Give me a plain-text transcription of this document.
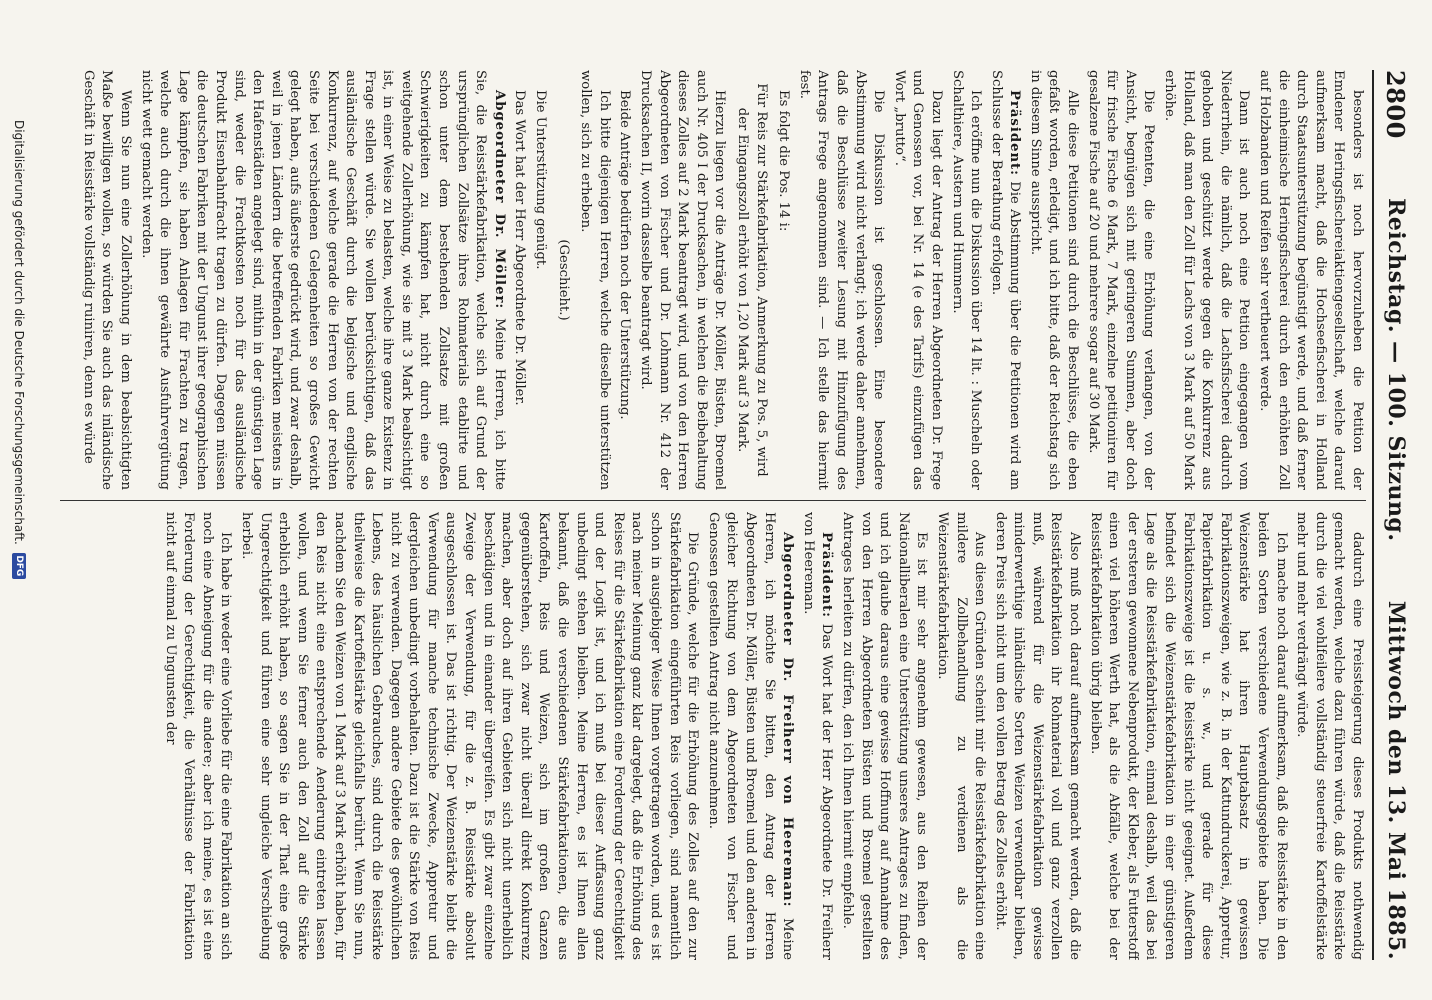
2800
Reichstag. — 100. Sitzung.
Mittwoch den 13. Mai 1885.

besonders ist noch hervorzuheben die Petition der Emdener Heringsfischereiaktiengesellschaft, welche darauf aufmerksam macht, daß die Hochseefischerei in Holland durch Staatsunterstützung begünstigt werde, und daß ferner die einheimische Heringsfischerei durch den erhöhten Zoll auf Holzbanden und Reifen sehr vertheuert werde.

Dann ist auch noch eine Petition eingegangen vom Niederrhein, die nämlich, daß die Lachsfischerei dadurch gehoben und geschützt werde gegen die Konkurrenz aus Holland, daß man den Zoll für Lachs von 3 Mark auf 50 Mark erhöhe.

Die Petenten, die eine Erhöhung verlangen, von der Ansicht, begnügen sich mit geringeren Summen, aber doch für frische Fische 6 Mark, 7 Mark, einzelne petitioniren für gesalzene Fische auf 20 und mehrere sogar auf 30 Mark.

Alle diese Petitionen sind durch die Beschlüsse, die eben gefaßt worden, erledigt, und ich bitte, daß der Reichstag sich in diesem Sinne ausspricht.

Präsident: Die Abstimmung über die Petitionen wird am Schlusse der Berathung erfolgen.

Ich eröffne nun die Diskussion über 14 lit. : Muscheln oder Schalthiere, Austern und Hummern.

Dazu liegt der Antrag der Herren Abgeordneten Dr. Frege und Genossen vor, bei Nr. 14 (e des Tarifs) einzufügen das Wort „brutto“.

Die Diskussion ist geschlossen. Eine besondere Abstimmung wird nicht verlangt; ich werde daher annehmen, daß die Beschlüsse zweiter Lesung mit Hinzufügung des Antrags Frege angenommen sind. — Ich stelle das hiermit fest.

Es folgt die Pos. 14 i:

Für Reis zur Stärkefabrikation, Anmerkung zu Pos. 5, wird der Eingangszoll erhöht von 1,20 Mark auf 3 Mark.

Hierzu liegen vor die Anträge Dr. Möller, Büsten, Broemel auch Nr. 405 I der Drucksachen, in welchen die Beibehaltung dieses Zolles auf 2 Mark beantragt wird, und von den Herren Abgeordneten von Fischer und Dr. Lohmann Nr. 412 der Drucksachen II, worin dasselbe beantragt wird.

Beide Anträge bedürfen noch der Unterstützung.

Ich bitte diejenigen Herren, welche dieselbe unterstützen wollen, sich zu erheben.

(Geschieht.)

Die Unterstützung genügt.

Das Wort hat der Herr Abgeordnete Dr. Möller.

Abgeordneter Dr. Möller: Meine Herren, ich bitte Sie, die Reisstärkefabrikation, welche sich auf Grund der ursprünglichen Zollsätze ihres Rohmaterials etablirte und schon unter dem bestehenden Zollsatze mit großen Schwierigkeiten zu kämpfen hat, nicht durch eine so weitgehende Zollerhöhung, wie sie mit 3 Mark beabsichtigt ist, in einer Weise zu belasten, welche ihre ganze Existenz in Frage stellen würde. Sie wollen berücksichtigen, daß das ausländische Geschäft durch die belgische und englische Konkurrenz, auf welche gerade die Herren von der rechten Seite bei verschiedenen Gelegenheiten so großes Gewicht gelegt haben, aufs äußerste gedrückt wird, und zwar deshalb, weil in jenen Ländern die betreffenden Fabriken meistens in den Hafenstädten angelegt sind, mithin in der günstigen Lage sind, weder die Frachtkosten noch für das ausländische Produkt Eisenbahnfracht tragen zu dürfen. Dagegen müssen die deutschen Fabriken mit der Ungunst ihrer geographischen Lage kämpfen, sie haben Anlagen für Frachten zu tragen, welche auch durch die ihnen gewährte Ausfuhrvergütung nicht wett gemacht werden.

Wenn Sie nun eine Zollerhöhung in dem beabsichtigten Maße bewilligen wollen, so würden Sie auch das inländische Geschäft in Reisstärke vollständig ruiniren, denn es würde

dadurch eine Preissteigerung dieses Produkts nothwendig gemacht werden, welche dazu führen würde, daß die Reisstärke durch die viel wohlfeilere vollständig steuerfreie Kartoffelstärke mehr und mehr verdrängt würde.

Ich mache noch darauf aufmerksam, daß die Reisstärke in den beiden Sorten verschiedene Verwendungsgebiete haben. Die Weizenstärke hat ihren Hauptabsatz in gewissen Fabrikationszweigen, wie z. B. in der Kattundruckerei, Appretur, Papierfabrikation u. s. w., und gerade für diese Fabrikationszweige ist die Reisstärke nicht geeignet. Außerdem befindet sich die Weizenstärkefabrikation in einer günstigeren Lage als die Reisstärkefabrikation, einmal deshalb, weil das bei der ersteren gewonnene Nebenprodukt, der Kleber, als Futterstoff einen viel höheren Werth hat, als die Abfälle, welche bei der Reisstärkefabrikation übrig bleiben.

Also muß noch darauf aufmerksam gemacht werden, daß die Reisstärkefabrikation ihr Rohmaterial voll und ganz verzollen muß, während für die Weizenstärkefabrikation gewisse minderwerthige inländische Sorten Weizen verwendbar bleiben, deren Preis sich nicht um den vollen Betrag des Zolles erhöht.

Aus diesen Gründen scheint mir die Reisstärkefabrikation eine mildere Zollbehandlung zu verdienen als die Weizenstärkefabrikation.

Es ist mir sehr angenehm gewesen, aus den Reihen der Nationalliberalen eine Unterstützung unseres Antrages zu finden, und ich glaube daraus eine gewisse Hoffnung auf Annahme des von den Herren Abgeordneten Büsten und Broemel gestellten Antrages herleiten zu dürfen, den ich Ihnen hiermit empfehle.

Präsident: Das Wort hat der Herr Abgeordnete Dr. Freiherr von Heereman.

Abgeordneter Dr. Freiherr von Heereman: Meine Herren, ich möchte Sie bitten, den Antrag der Herren Abgeordneten Dr. Möller, Büsten und Broemel und den anderen in gleicher Richtung von dem Abgeordneten von Fischer und Genossen gestellten Antrag nicht anzunehmen.

Die Gründe, welche für die Erhöhung des Zolles auf den zur Stärkefabrikation eingeführten Reis vorliegen, sind namentlich schon in ausgiebiger Weise Ihnen vorgetragen worden, und es ist nach meiner Meinung ganz klar dargelegt, daß die Erhöhung des Reises für die Stärkefabrikation eine Forderung der Gerechtigkeit und der Logik ist, und ich muß bei dieser Auffassung ganz unbedingt stehen bleiben. Meine Herren, es ist Ihnen allen bekannt, daß die verschiedenen Stärkefabrikationen, die aus Kartoffeln, Reis und Weizen, sich im großen Ganzen gegenüberstehen, sich zwar nicht überall direkt Konkurrenz machen, aber doch auf ihren Gebieten sich nicht unerheblich beschädigen und in einander übergreifen. Es gibt zwar einzelne Zweige der Verwendung, für die z. B. Reisstärke absolut ausgeschlossen ist. Das ist richtig. Der Weizenstärke bleibt die Verwendung für manche technische Zwecke, Appretur und dergleichen unbedingt vorbehalten. Dazu ist die Stärke von Reis nicht zu verwenden. Dagegen andere Gebiete des gewöhnlichen Lebens, des häuslichen Gebrauches, sind durch die Reisstärke theilweise die Kartoffelstärke gleichfalls berührt. Wenn Sie nun, nachdem Sie den Weizen von 1 Mark auf 3 Mark erhöht haben, für den Reis nicht eine entsprechende Aenderung eintreten lassen wollen, und wenn Sie ferner auch den Zoll auf die Stärke erheblich erhöht haben, so sagen Sie in der That eine große Ungerechtigkeit und führen eine sehr ungleiche Verschiebung herbei.

Ich habe in weder eine Vorliebe für die eine Fabrikation an sich noch eine Abneigung für die andere; aber ich meine, es ist eine Forderung der Gerechtigkeit, die Verhältnisse der Fabrikation nicht auf einmal zu Ungunsten der

Digitalisierung gefördert durch die Deutsche Forschungsgemeinschaft.
DFG
